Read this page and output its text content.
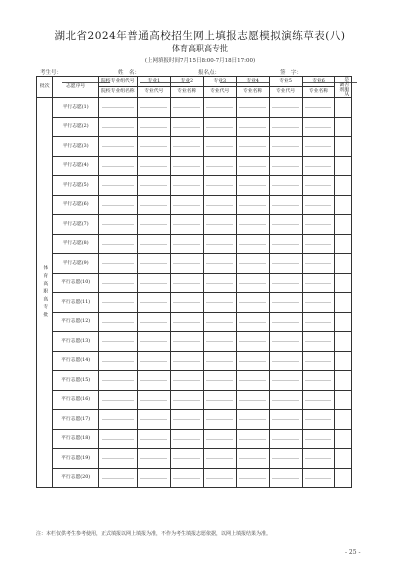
湖北省2024年普通高校招生网上填报志愿模拟演练草表(八)
体育高职高专批
(上网填报时间7月15日8:00-7月18日17:00)
考生号：	姓　名：	报名点：	签　字：
批次	志愿序号	院校专业组代号	专业1	专业2	专业3	专业4	专业5	专业6	是否服从调剂
		院校专业组名称	专业代号	专业名称	专业代号	专业名称	专业代号	专业名称	
体育高职高专批	平行志愿(1)								
	平行志愿(2)								
	平行志愿(3)								
	平行志愿(4)								
	平行志愿(5)								
	平行志愿(6)								
	平行志愿(7)								
	平行志愿(8)								
	平行志愿(9)								
	平行志愿(10)								
	平行志愿(11)								
	平行志愿(12)								
	平行志愿(13)								
	平行志愿(14)								
	平行志愿(15)								
	平行志愿(16)								
	平行志愿(17)								
	平行志愿(18)								
	平行志愿(19)								
	平行志愿(20)								
注：本栏仅供考生参考使用，正式填报以网上填报为准，不作为考生填报志愿依据，以网上填报结果为准。
- 25 -
